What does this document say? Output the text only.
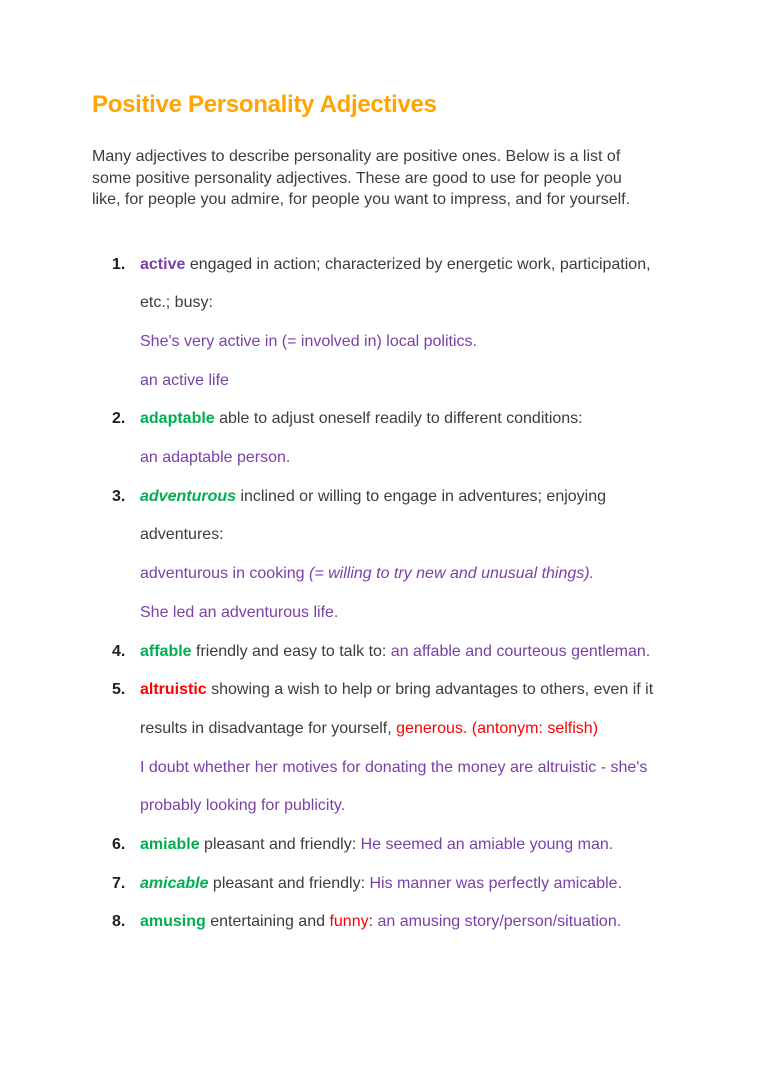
Positive Personality Adjectives

Many adjectives to describe personality are positive ones. Below is a list of
some positive personality adjectives. These are good to use for people you
like, for people you admire, for people you want to impress, and for yourself.

1. active engaged in action; characterized by energetic work, participation, etc.; busy:

She's very active in (= involved in) local politics.

an active life

2. adaptable able to adjust oneself readily to different conditions:

an adaptable person.

3. adventurous inclined or willing to engage in adventures; enjoying adventures:

adventurous in cooking (= willing to try new and unusual things).

She led an adventurous life.

4. affable friendly and easy to talk to: an affable and courteous gentleman.

5. altruistic showing a wish to help or bring advantages to others, even if it results in disadvantage for yourself, generous. (antonym: selfish)

I doubt whether her motives for donating the money are altruistic - she's probably looking for publicity.

6. amiable pleasant and friendly: He seemed an amiable young man.

7. amicable pleasant and friendly: His manner was perfectly amicable.

8. amusing entertaining and funny: an amusing story/person/situation.
